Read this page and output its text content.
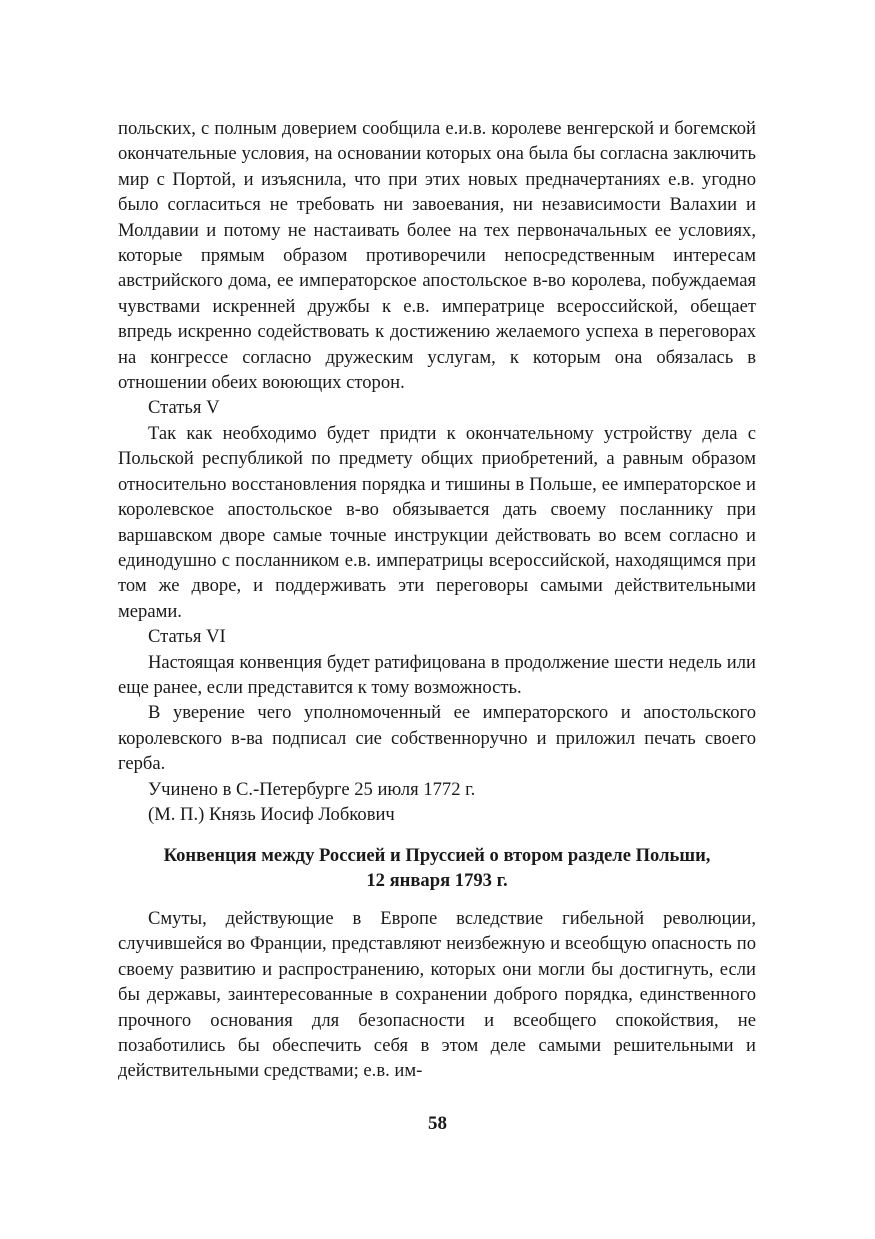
польских, с полным доверием сообщила е.и.в. королеве венгерской и богемской окончательные условия, на основании которых она была бы согласна заключить мир с Портой, и изъяснила, что при этих новых предначертаниях е.в. угодно было согласиться не требовать ни завоевания, ни независимости Валахии и Молдавии и потому не настаивать более на тех первоначальных ее условиях, которые прямым образом противоречили непосредственным интересам австрийского дома, ее императорское апостольское в-во королева, побуждаемая чувствами искренней дружбы к е.в. императрице всероссийской, обещает впредь искренно содействовать к достижению желаемого успеха в переговорах на конгрессе согласно дружеским услугам, к которым она обязалась в отношении обеих воюющих сторон.

Статья V

Так как необходимо будет придти к окончательному устройству дела с Польской республикой по предмету общих приобретений, а равным образом относительно восстановления порядка и тишины в Польше, ее императорское и королевское апостольское в-во обязывается дать своему посланнику при варшавском дворе самые точные инструкции действовать во всем согласно и единодушно с посланником е.в. императрицы всероссийской, находящимся при том же дворе, и поддерживать эти переговоры самыми действительными мерами.

Статья VI

Настоящая конвенция будет ратифицована в продолжение шести недель или еще ранее, если представится к тому возможность.

В уверение чего уполномоченный ее императорского и апостольского королевского в-ва подписал сие собственноручно и приложил печать своего герба.

Учинено в С.-Петербурге 25 июля 1772 г.

(М. П.) Князь Иосиф Лобкович

Конвенция между Россией и Пруссией о втором разделе Польши,
12 января 1793 г.

Смуты, действующие в Европе вследствие гибельной революции, случившейся во Франции, представляют неизбежную и всеобщую опасность по своему развитию и распространению, которых они могли бы достигнуть, если бы державы, заинтересованные в сохранении доброго порядка, единственного прочного основания для безопасности и всеобщего спокойствия, не позаботились бы обеспечить себя в этом деле самыми решительными и действительными средствами; е.в. им-

58
